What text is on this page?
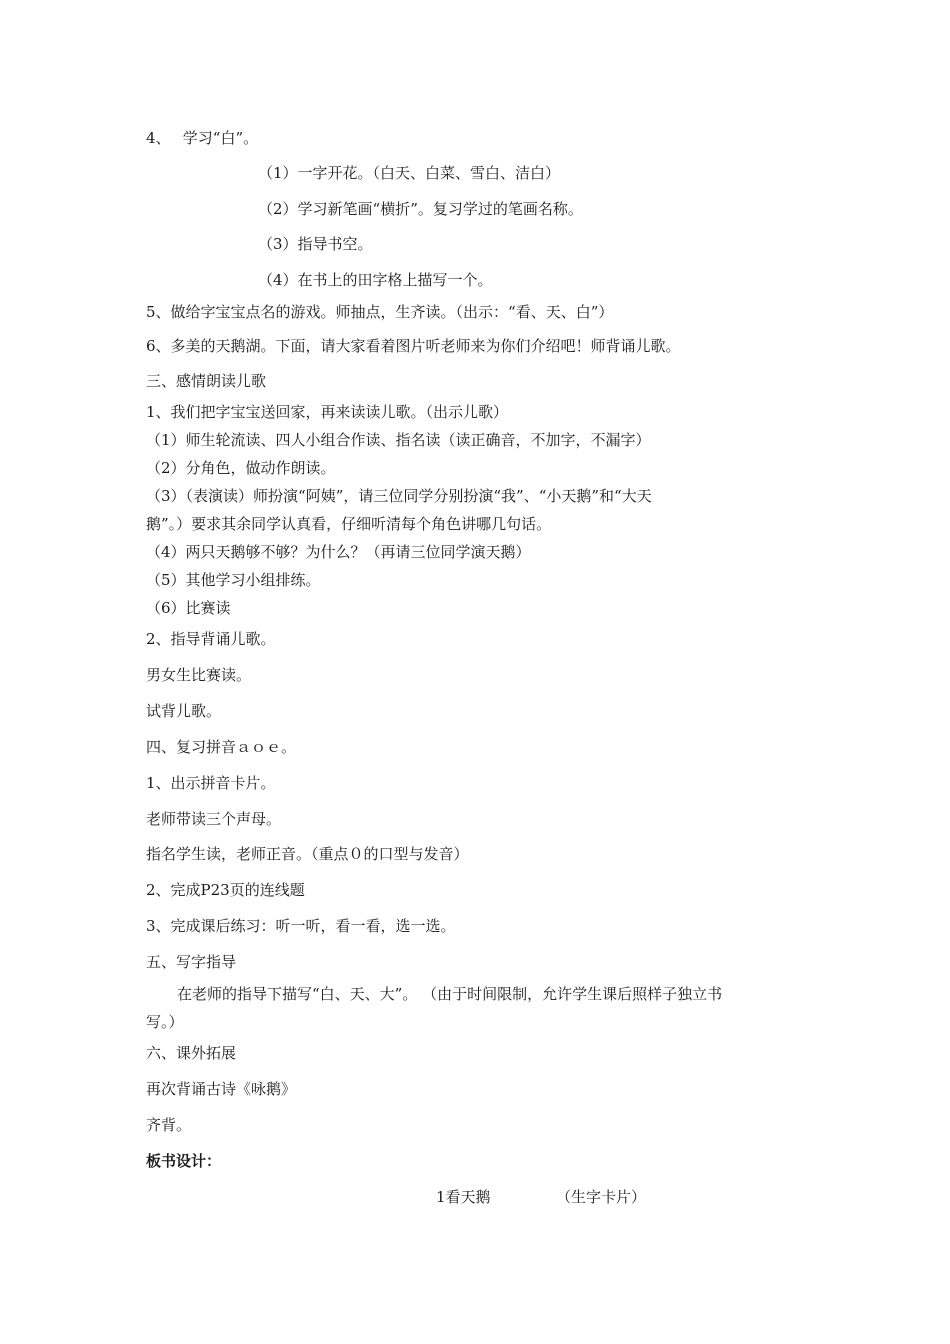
4、　 学习“白”。
（1）一字开花。（白天、白菜、雪白、洁白）
（2）学习新笔画“横折”。复习学过的笔画名称。
（3）指导书空。
（4）在书上的田字格上描写一个。
5、做给字宝宝点名的游戏。师抽点，生齐读。（出示：“看、天、白”）
6、多美的天鹅湖。下面，请大家看着图片听老师来为你们介绍吧！师背诵儿歌。
三、感情朗读儿歌
1、我们把字宝宝送回家，再来读读儿歌。（出示儿歌）
（1）师生轮流读、四人小组合作读、指名读（读正确音，不加字，不漏字）
（2）分角色，做动作朗读。
（3）（表演读）师扮演“阿姨”，请三位同学分别扮演“我”、“小天鹅”和“大天
鹅”。）要求其余同学认真看，仔细听清每个角色讲哪几句话。
（4）两只天鹅够不够？为什么？（再请三位同学演天鹅）
（5）其他学习小组排练。
（6）比赛读
2、指导背诵儿歌。
男女生比赛读。
试背儿歌。
四、复习拼音ａｏｅ。
1、出示拼音卡片。
老师带读三个声母。
指名学生读，老师正音。（重点０的口型与发音）
2、完成P23页的连线题
3、完成课后练习：听一听，看一看，选一选。
五、写字指导
在老师的指导下描写“白、天、大”。 （由于时间限制，允许学生课后照样子独立书
写。）
六、课外拓展
再次背诵古诗《咏鹅》
齐背。
板书设计：
1看天鹅	（生字卡片）
